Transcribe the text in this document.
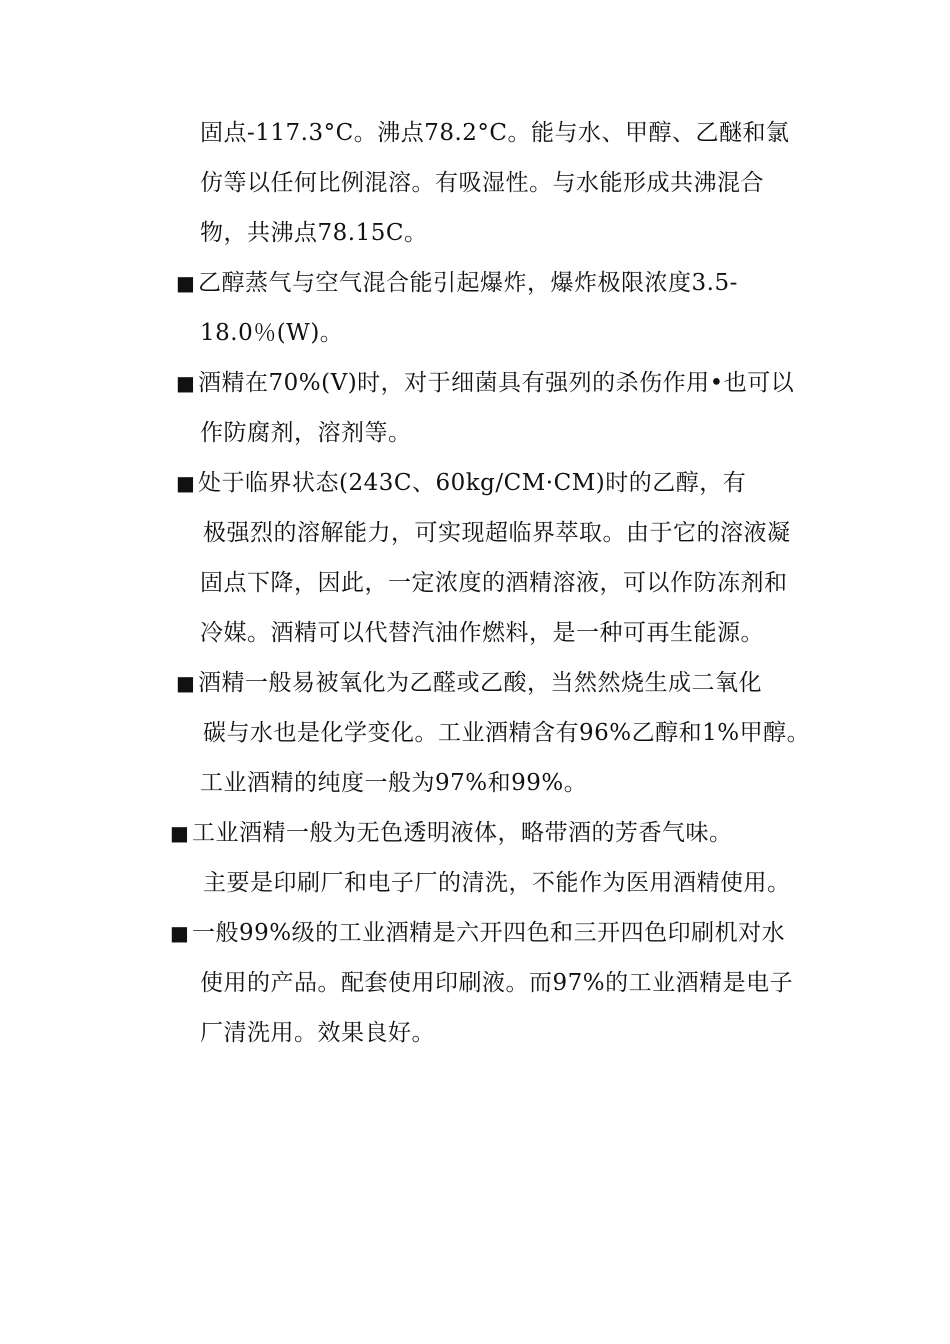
固点-117.3°C。沸点78.2°C。能与水、甲醇、乙醚和氯
仿等以任何比例混溶。有吸湿性。与水能形成共沸混合
物，共沸点78.15C。
■ 乙醇蒸气与空气混合能引起爆炸，爆炸极限浓度3.5-
18.0％(W)。
■ 酒精在70%(V)时，对于细菌具有强列的杀伤作用•也可以
作防腐剂，溶剂等。
■ 处于临界状态(243C、60kg/CM·CM)时的乙醇，有
极强烈的溶解能力，可实现超临界萃取。由于它的溶液凝
固点下降，因此，一定浓度的酒精溶液，可以作防冻剂和
冷媒。酒精可以代替汽油作燃料，是一种可再生能源。
■ 酒精一般易被氧化为乙醛或乙酸，当然然烧生成二氧化
碳与水也是化学变化。工业酒精含有96%乙醇和1%甲醇。
工业酒精的纯度一般为97%和99%。
■ 工业酒精一般为无色透明液体，略带酒的芳香气味。
主要是印刷厂和电子厂的清洗，不能作为医用酒精使用。
■ 一般99%级的工业酒精是六开四色和三开四色印刷机对水
使用的产品。配套使用印刷液。而97%的工业酒精是电子
厂清洗用。效果良好。
